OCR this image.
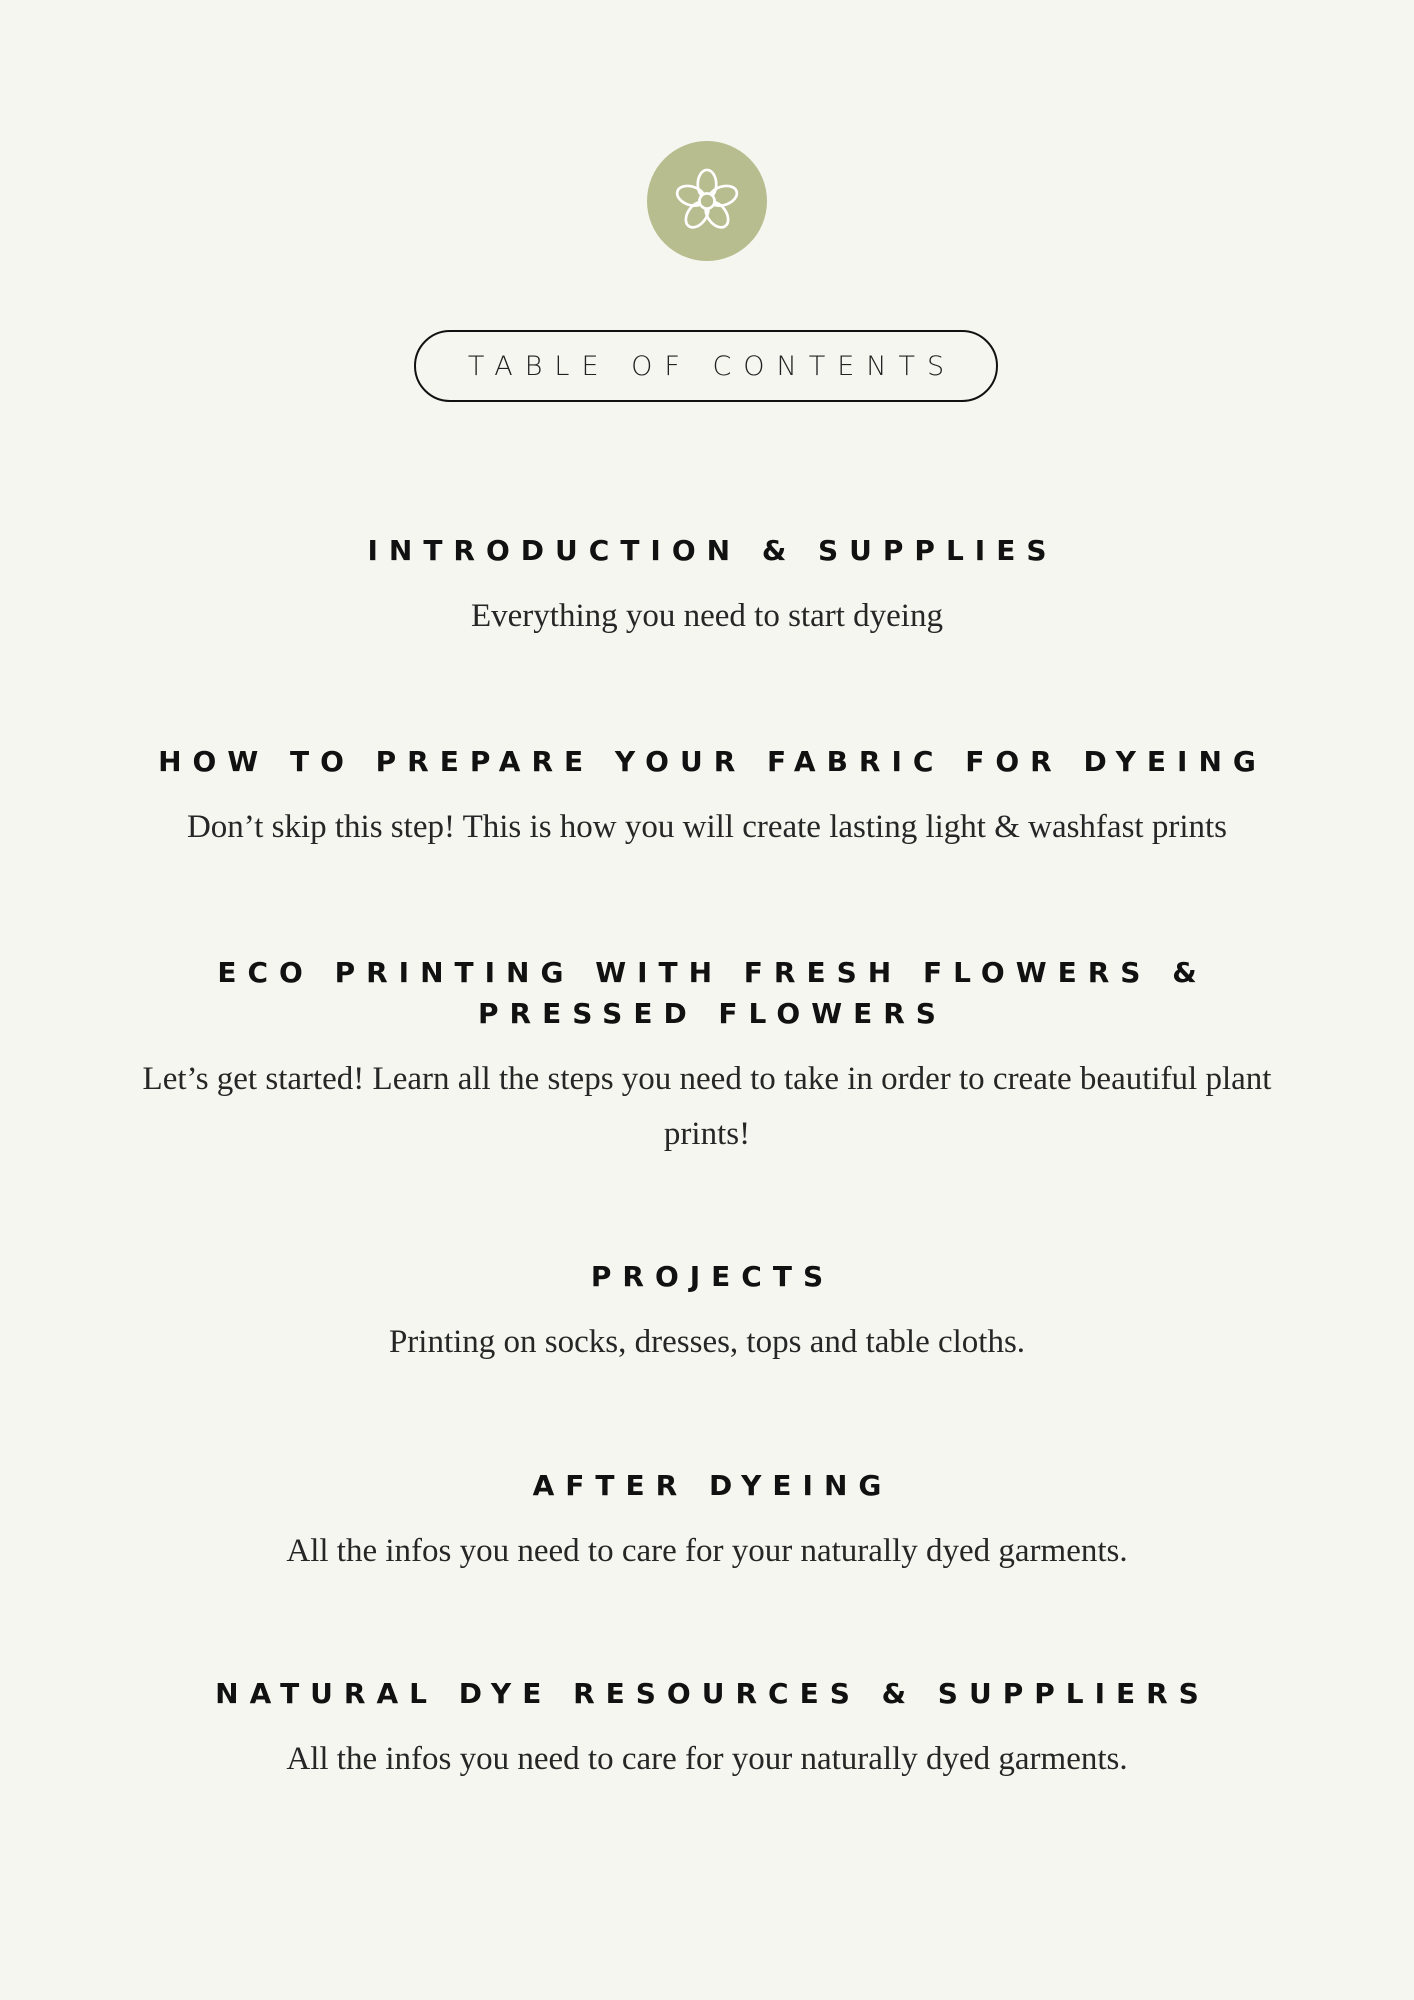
TABLE OF CONTENTS
INTRODUCTION & SUPPLIES

Everything you need to start dyeing

HOW TO PREPARE YOUR FABRIC FOR DYEING

Don’t skip this step! This is how you will create lasting light & washfast prints

ECO PRINTING WITH FRESH FLOWERS & PRESSED FLOWERS

Let’s get started! Learn all the steps you need to take in order to create beautiful plant prints!

PROJECTS

Printing on socks, dresses, tops and table cloths.

AFTER DYEING

All the infos you need to care for your naturally dyed garments.

NATURAL DYE RESOURCES & SUPPLIERS

All the infos you need to care for your naturally dyed garments.
